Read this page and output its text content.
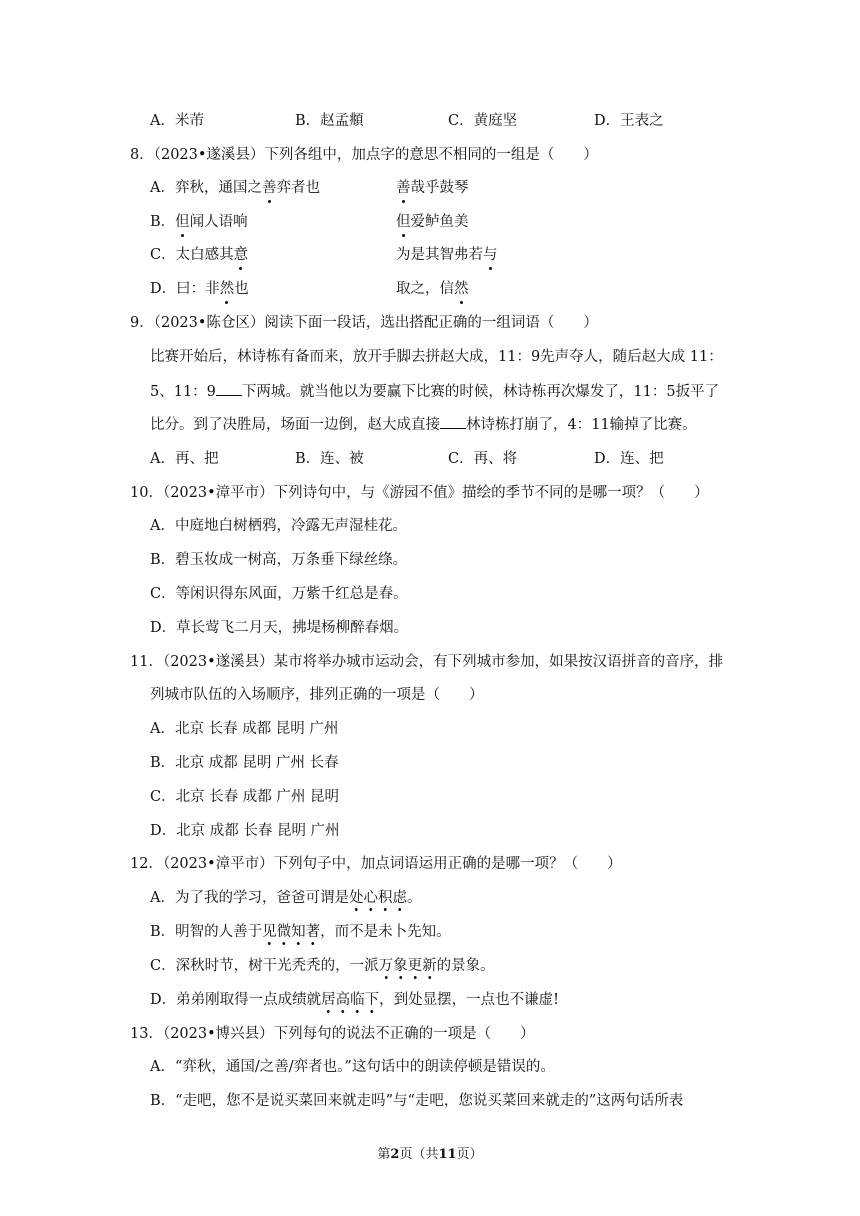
A．米芾	B．赵孟頫	C．黄庭坚	D．王表之
8．（2023•遂溪县）下列各组中，加点字的意思不相同的一组是（　　）
A．弈秋，通国之善弈者也	善哉乎鼓琴
B．但闻人语响	但爱鲈鱼美
C．太白感其意	为是其智弗若与
D．曰：非然也	取之，信然
9．（2023•陈仓区）阅读下面一段话，选出搭配正确的一组词语（　　）
比赛开始后，林诗栋有备而来，放开手脚去拼赵大成，11：9先声夺人，随后赵大成 11：
5、11：9 下两城。就当他以为要赢下比赛的时候，林诗栋再次爆发了，11：5扳平了
比分。到了决胜局，场面一边倒，赵大成直接 林诗栋打崩了，4：11输掉了比赛。
A．再、把	B．连、被	C．再、将	D．连、把
10．（2023•漳平市）下列诗句中，与《游园不值》描绘的季节不同的是哪一项？（　　）
A．中庭地白树栖鸦，冷露无声湿桂花。
B．碧玉妆成一树高，万条垂下绿丝绦。
C．等闲识得东风面，万紫千红总是春。
D．草长莺飞二月天，拂堤杨柳醉春烟。
11．（2023•遂溪县）某市将举办城市运动会，有下列城市参加，如果按汉语拼音的音序，排
列城市队伍的入场顺序，排列正确的一项是（　　）
A．北京 长春 成都 昆明 广州
B．北京 成都 昆明 广州 长春
C．北京 长春 成都 广州 昆明
D．北京 成都 长春 昆明 广州
12．（2023•漳平市）下列句子中，加点词语运用正确的是哪一项？（　　）
A．为了我的学习，爸爸可谓是处心积虑。
B．明智的人善于见微知著，而不是未卜先知。
C．深秋时节，树干光秃秃的，一派万象更新的景象。
D．弟弟刚取得一点成绩就居高临下，到处显摆，一点也不谦虚!
13．（2023•博兴县）下列每句的说法不正确的一项是（　　）
A．“弈秋，通国/之善/弈者也。”这句话中的朗读停顿是错误的。
B．“走吧，您不是说买菜回来就走吗”与“走吧，您说买菜回来就走的”这两句话所表
第2页（共11页）
